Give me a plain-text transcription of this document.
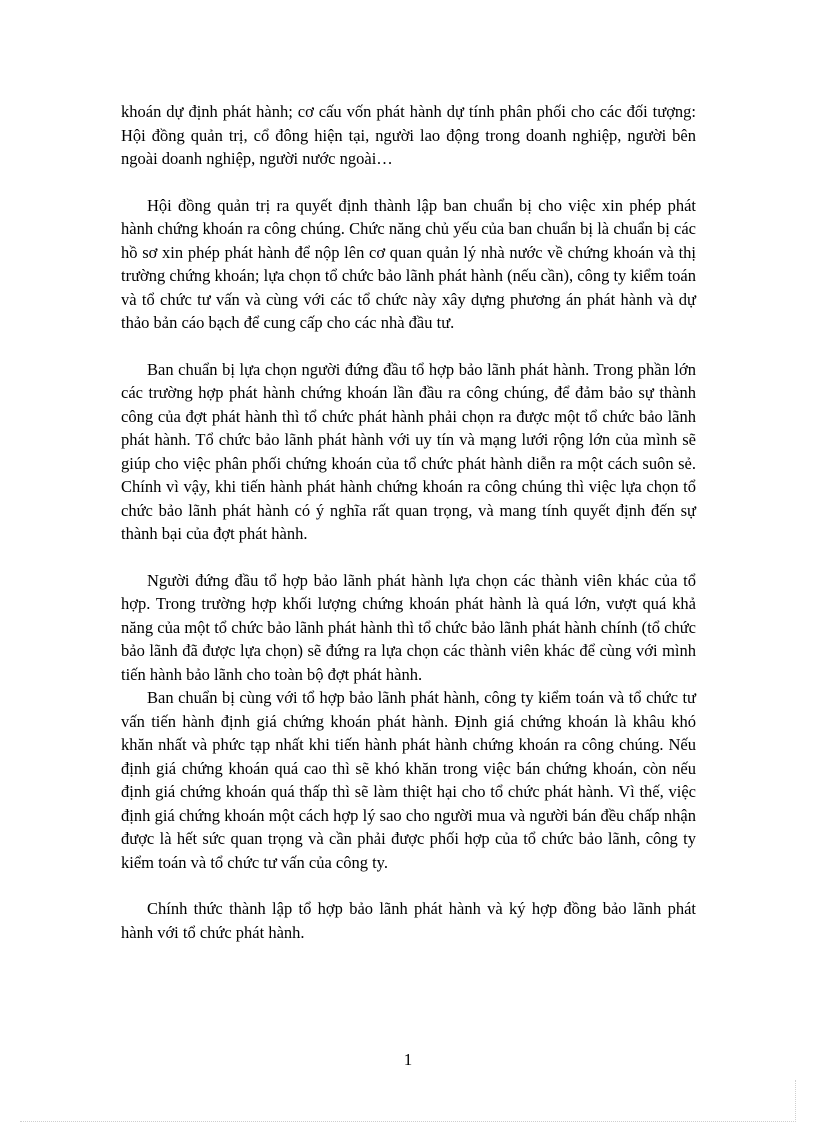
khoán dự định phát hành; cơ cấu vốn phát hành dự tính phân phối cho các đối tượng: Hội đồng quản trị, cổ đông hiện tại, người lao động trong doanh nghiệp, người bên ngoài doanh nghiệp, người nước ngoài…

Hội đồng quản trị ra quyết định thành lập ban chuẩn bị cho việc xin phép phát hành chứng khoán ra công chúng. Chức năng chủ yếu của ban chuẩn bị là chuẩn bị các hồ sơ xin phép phát hành để nộp lên cơ quan quản lý nhà nước về chứng khoán và thị trường chứng khoán; lựa chọn tổ chức bảo lãnh phát hành (nếu cần), công ty kiểm toán và tổ chức tư vấn và cùng với các tổ chức này xây dựng phương án phát hành và dự thảo bản cáo bạch để cung cấp cho các nhà đầu tư.

Ban chuẩn bị lựa chọn người đứng đầu tổ hợp bảo lãnh phát hành. Trong phần lớn các trường hợp phát hành chứng khoán lần đầu ra công chúng, để đảm bảo sự thành công của đợt phát hành thì tổ chức phát hành phải chọn ra được một tổ chức bảo lãnh phát hành. Tổ chức bảo lãnh phát hành với uy tín và mạng lưới rộng lớn của mình sẽ giúp cho việc phân phối chứng khoán của tổ chức phát hành diễn ra một cách suôn sẻ. Chính vì vậy, khi tiến hành phát hành chứng khoán ra công chúng thì việc lựa chọn tổ chức bảo lãnh phát hành có ý nghĩa rất quan trọng, và mang tính quyết định đến sự thành bại của đợt phát hành.

Người đứng đầu tổ hợp bảo lãnh phát hành lựa chọn các thành viên khác của tổ hợp. Trong trường hợp khối lượng chứng khoán phát hành là quá lớn, vượt quá khả năng của một tổ chức bảo lãnh phát hành thì tổ chức bảo lãnh phát hành chính (tổ chức bảo lãnh đã được lựa chọn) sẽ đứng ra lựa chọn các thành viên khác để cùng với mình tiến hành bảo lãnh cho toàn bộ đợt phát hành.

Ban chuẩn bị cùng với tổ hợp bảo lãnh phát hành, công ty kiểm toán và tổ chức tư vấn tiến hành định giá chứng khoán phát hành. Định giá chứng khoán là khâu khó khăn nhất và phức tạp nhất khi tiến hành phát hành chứng khoán ra công chúng. Nếu định giá chứng khoán quá cao thì sẽ khó khăn trong việc bán chứng khoán, còn nếu định giá chứng khoán quá thấp thì sẽ làm thiệt hại cho tổ chức phát hành. Vì thế, việc định giá chứng khoán một cách hợp lý sao cho người mua và người bán đều chấp nhận được là hết sức quan trọng và cần phải được phối hợp của tổ chức bảo lãnh, công ty kiểm toán và tổ chức tư vấn của công ty.

Chính thức thành lập tổ hợp bảo lãnh phát hành và ký hợp đồng bảo lãnh phát hành với tổ chức phát hành.

1
